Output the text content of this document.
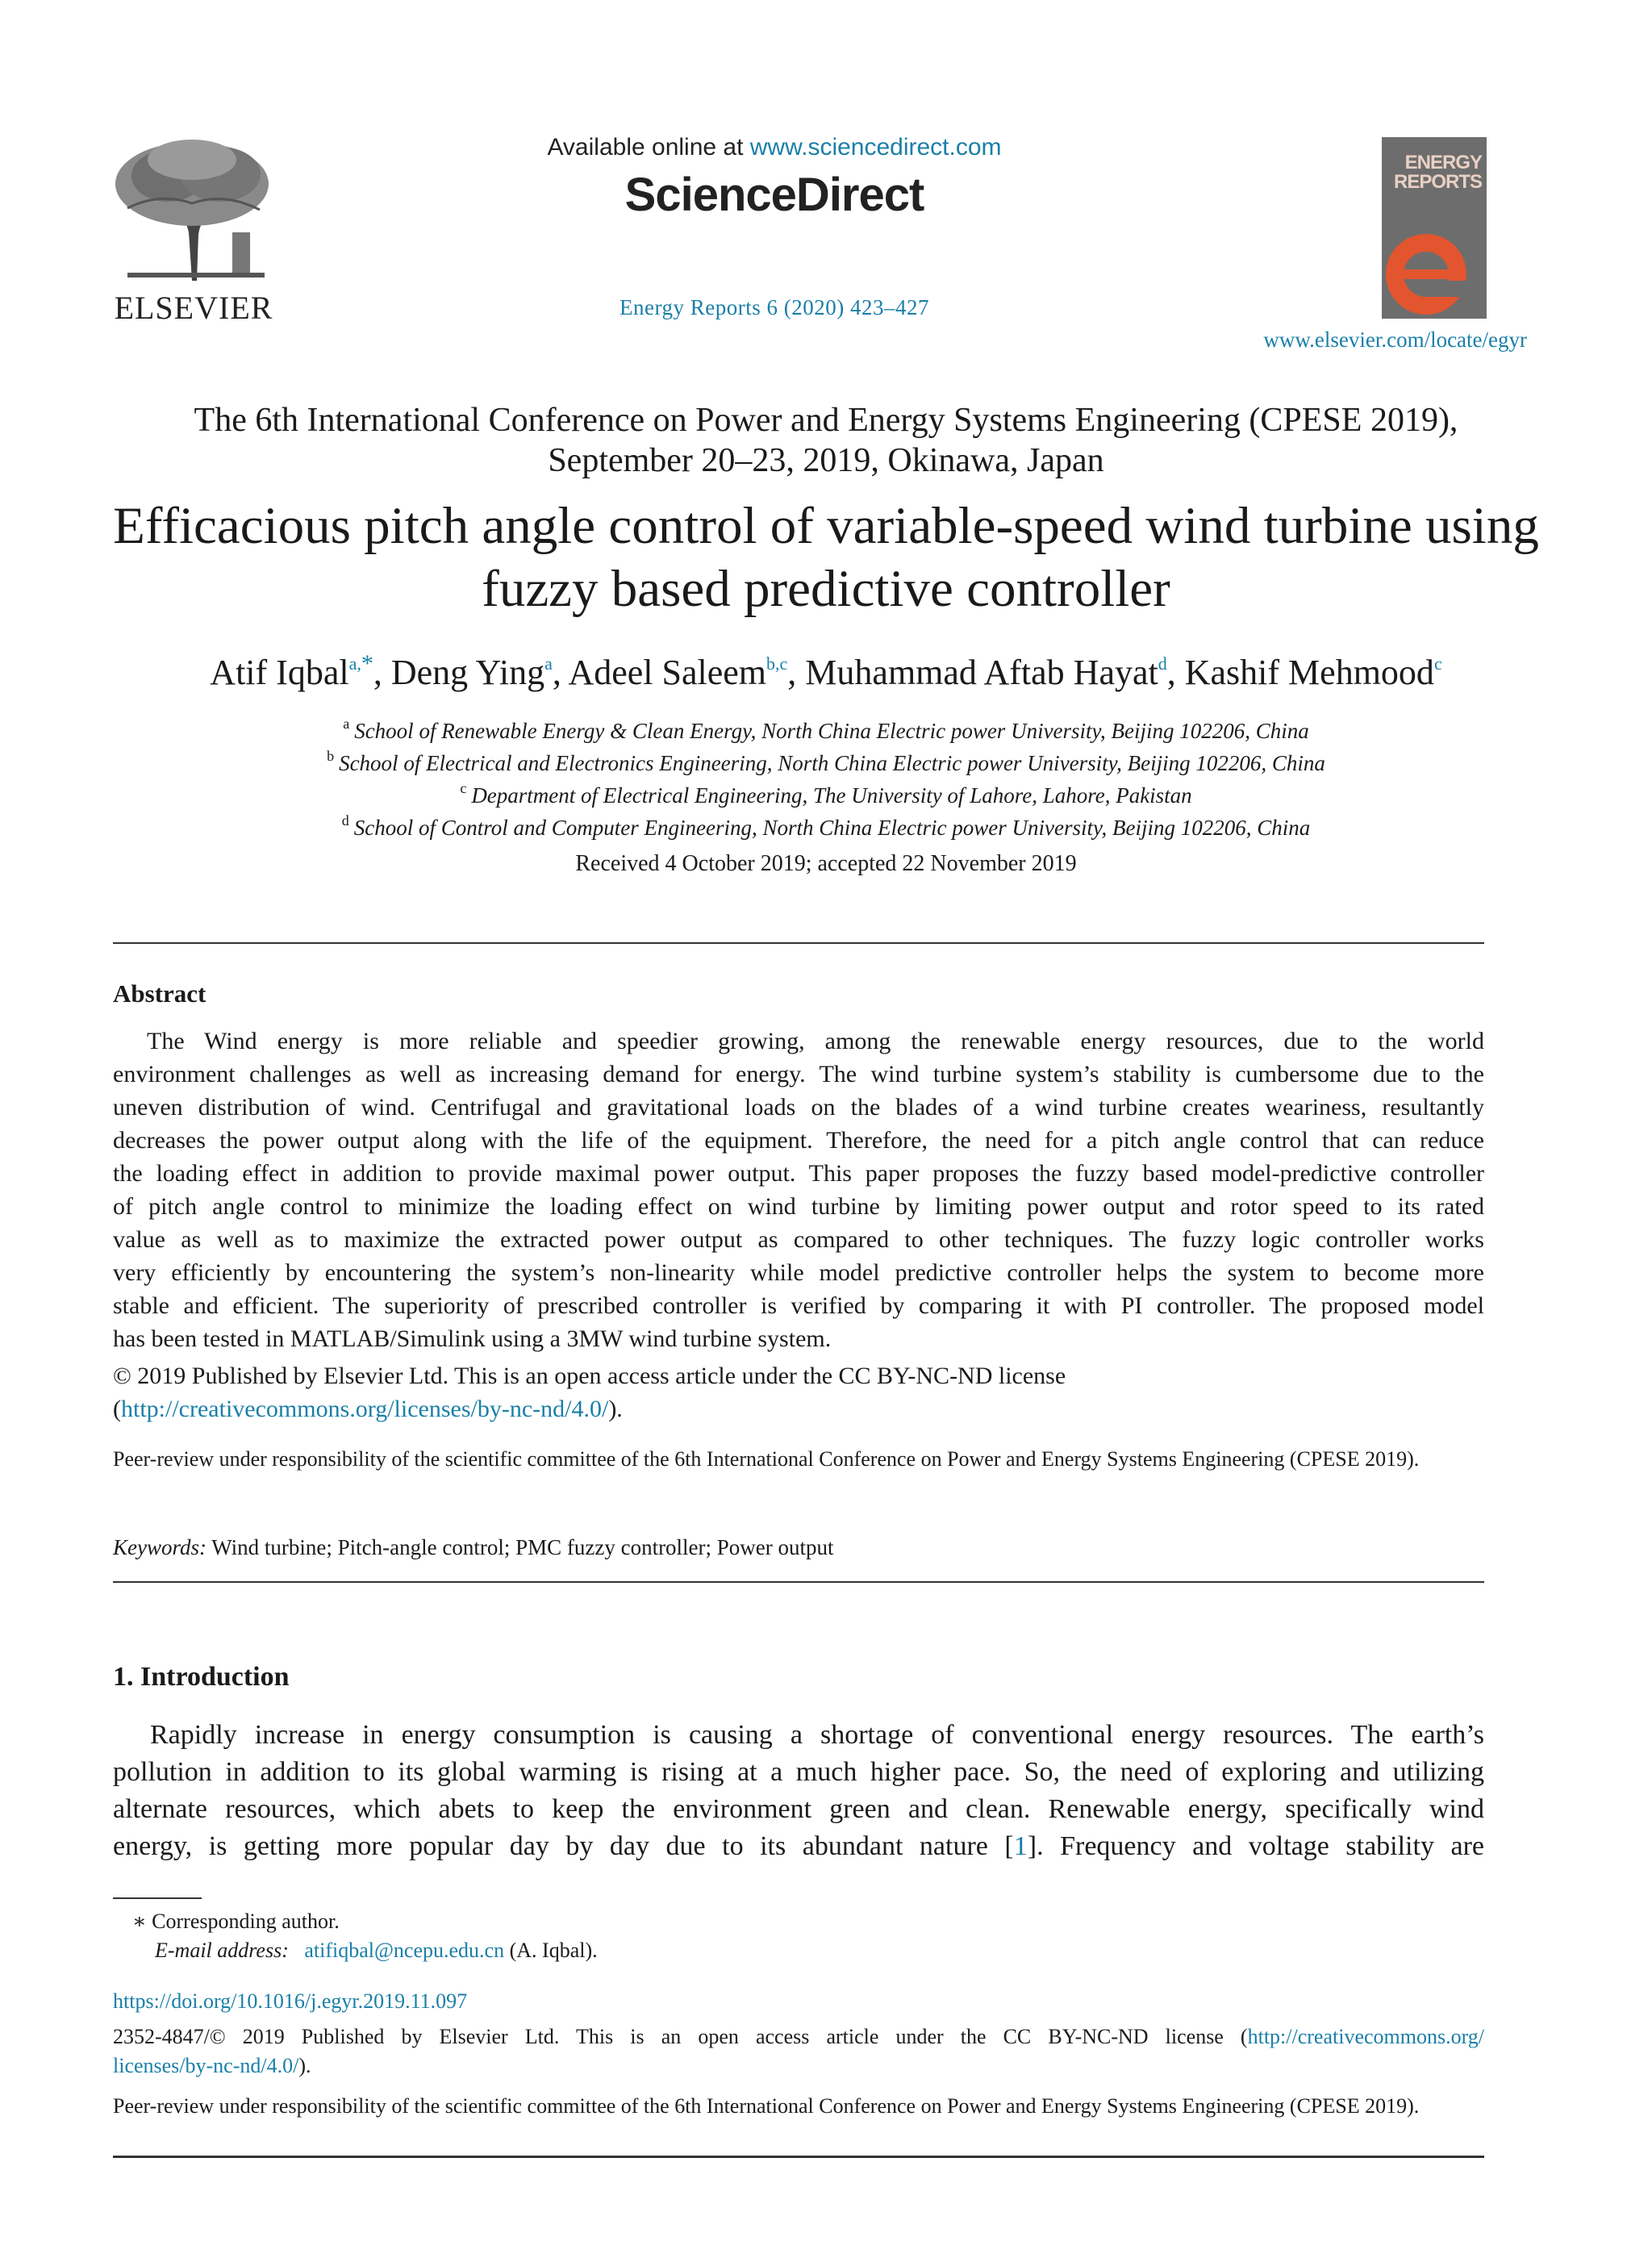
ELSEVIER
Available online at www.sciencedirect.com
ScienceDirect
Energy Reports 6 (2020) 423–427
ENERGY
REPORTS
e
www.elsevier.com/locate/egyr
The 6th International Conference on Power and Energy Systems Engineering (CPESE 2019),
September 20–23, 2019, Okinawa, Japan
Efficacious pitch angle control of variable-speed wind turbine using
fuzzy based predictive controller
Atif Iqbal$^{a,*}$, Deng Ying$^a$, Adeel Saleem$^{b,c}$, Muhammad Aftab Hayat$^d$, Kashif Mehmood$^c$
$^a$ School of Renewable Energy & Clean Energy, North China Electric power University, Beijing 102206, China
$^b$ School of Electrical and Electronics Engineering, North China Electric power University, Beijing 102206, China
$^c$ Department of Electrical Engineering, The University of Lahore, Lahore, Pakistan
$^d$ School of Control and Computer Engineering, North China Electric power University, Beijing 102206, China
Received 4 October 2019; accepted 22 November 2019
Abstract
The Wind energy is more reliable and speedier growing, among the renewable energy resources, due to the world
environment challenges as well as increasing demand for energy. The wind turbine system’s stability is cumbersome due to the
uneven distribution of wind. Centrifugal and gravitational loads on the blades of a wind turbine creates weariness, resultantly
decreases the power output along with the life of the equipment. Therefore, the need for a pitch angle control that can reduce
the loading effect in addition to provide maximal power output. This paper proposes the fuzzy based model-predictive controller
of pitch angle control to minimize the loading effect on wind turbine by limiting power output and rotor speed to its rated
value as well as to maximize the extracted power output as compared to other techniques. The fuzzy logic controller works
very efficiently by encountering the system’s non-linearity while model predictive controller helps the system to become more
stable and efficient. The superiority of prescribed controller is verified by comparing it with PI controller. The proposed model
has been tested in MATLAB/Simulink using a 3MW wind turbine system.
© 2019 Published by Elsevier Ltd. This is an open access article under the CC BY-NC-ND license
(http://creativecommons.org/licenses/by-nc-nd/4.0/).
Peer-review under responsibility of the scientific committee of the 6th International Conference on Power and Energy Systems Engineering (CPESE 2019).
Keywords: Wind turbine; Pitch-angle control; PMC fuzzy controller; Power output
1. Introduction
Rapidly increase in energy consumption is causing a shortage of conventional energy resources. The earth’s
pollution in addition to its global warming is rising at a much higher pace. So, the need of exploring and utilizing
alternate resources, which abets to keep the environment green and clean. Renewable energy, specifically wind
energy, is getting more popular day by day due to its abundant nature [1]. Frequency and voltage stability are
∗ Corresponding author.
E-mail address: atifiqbal@ncepu.edu.cn (A. Iqbal).
https://doi.org/10.1016/j.egyr.2019.11.097
2352-4847/© 2019 Published by Elsevier Ltd. This is an open access article under the CC BY-NC-ND license (http://creativecommons.org/
licenses/by-nc-nd/4.0/).
Peer-review under responsibility of the scientific committee of the 6th International Conference on Power and Energy Systems Engineering (CPESE 2019).
